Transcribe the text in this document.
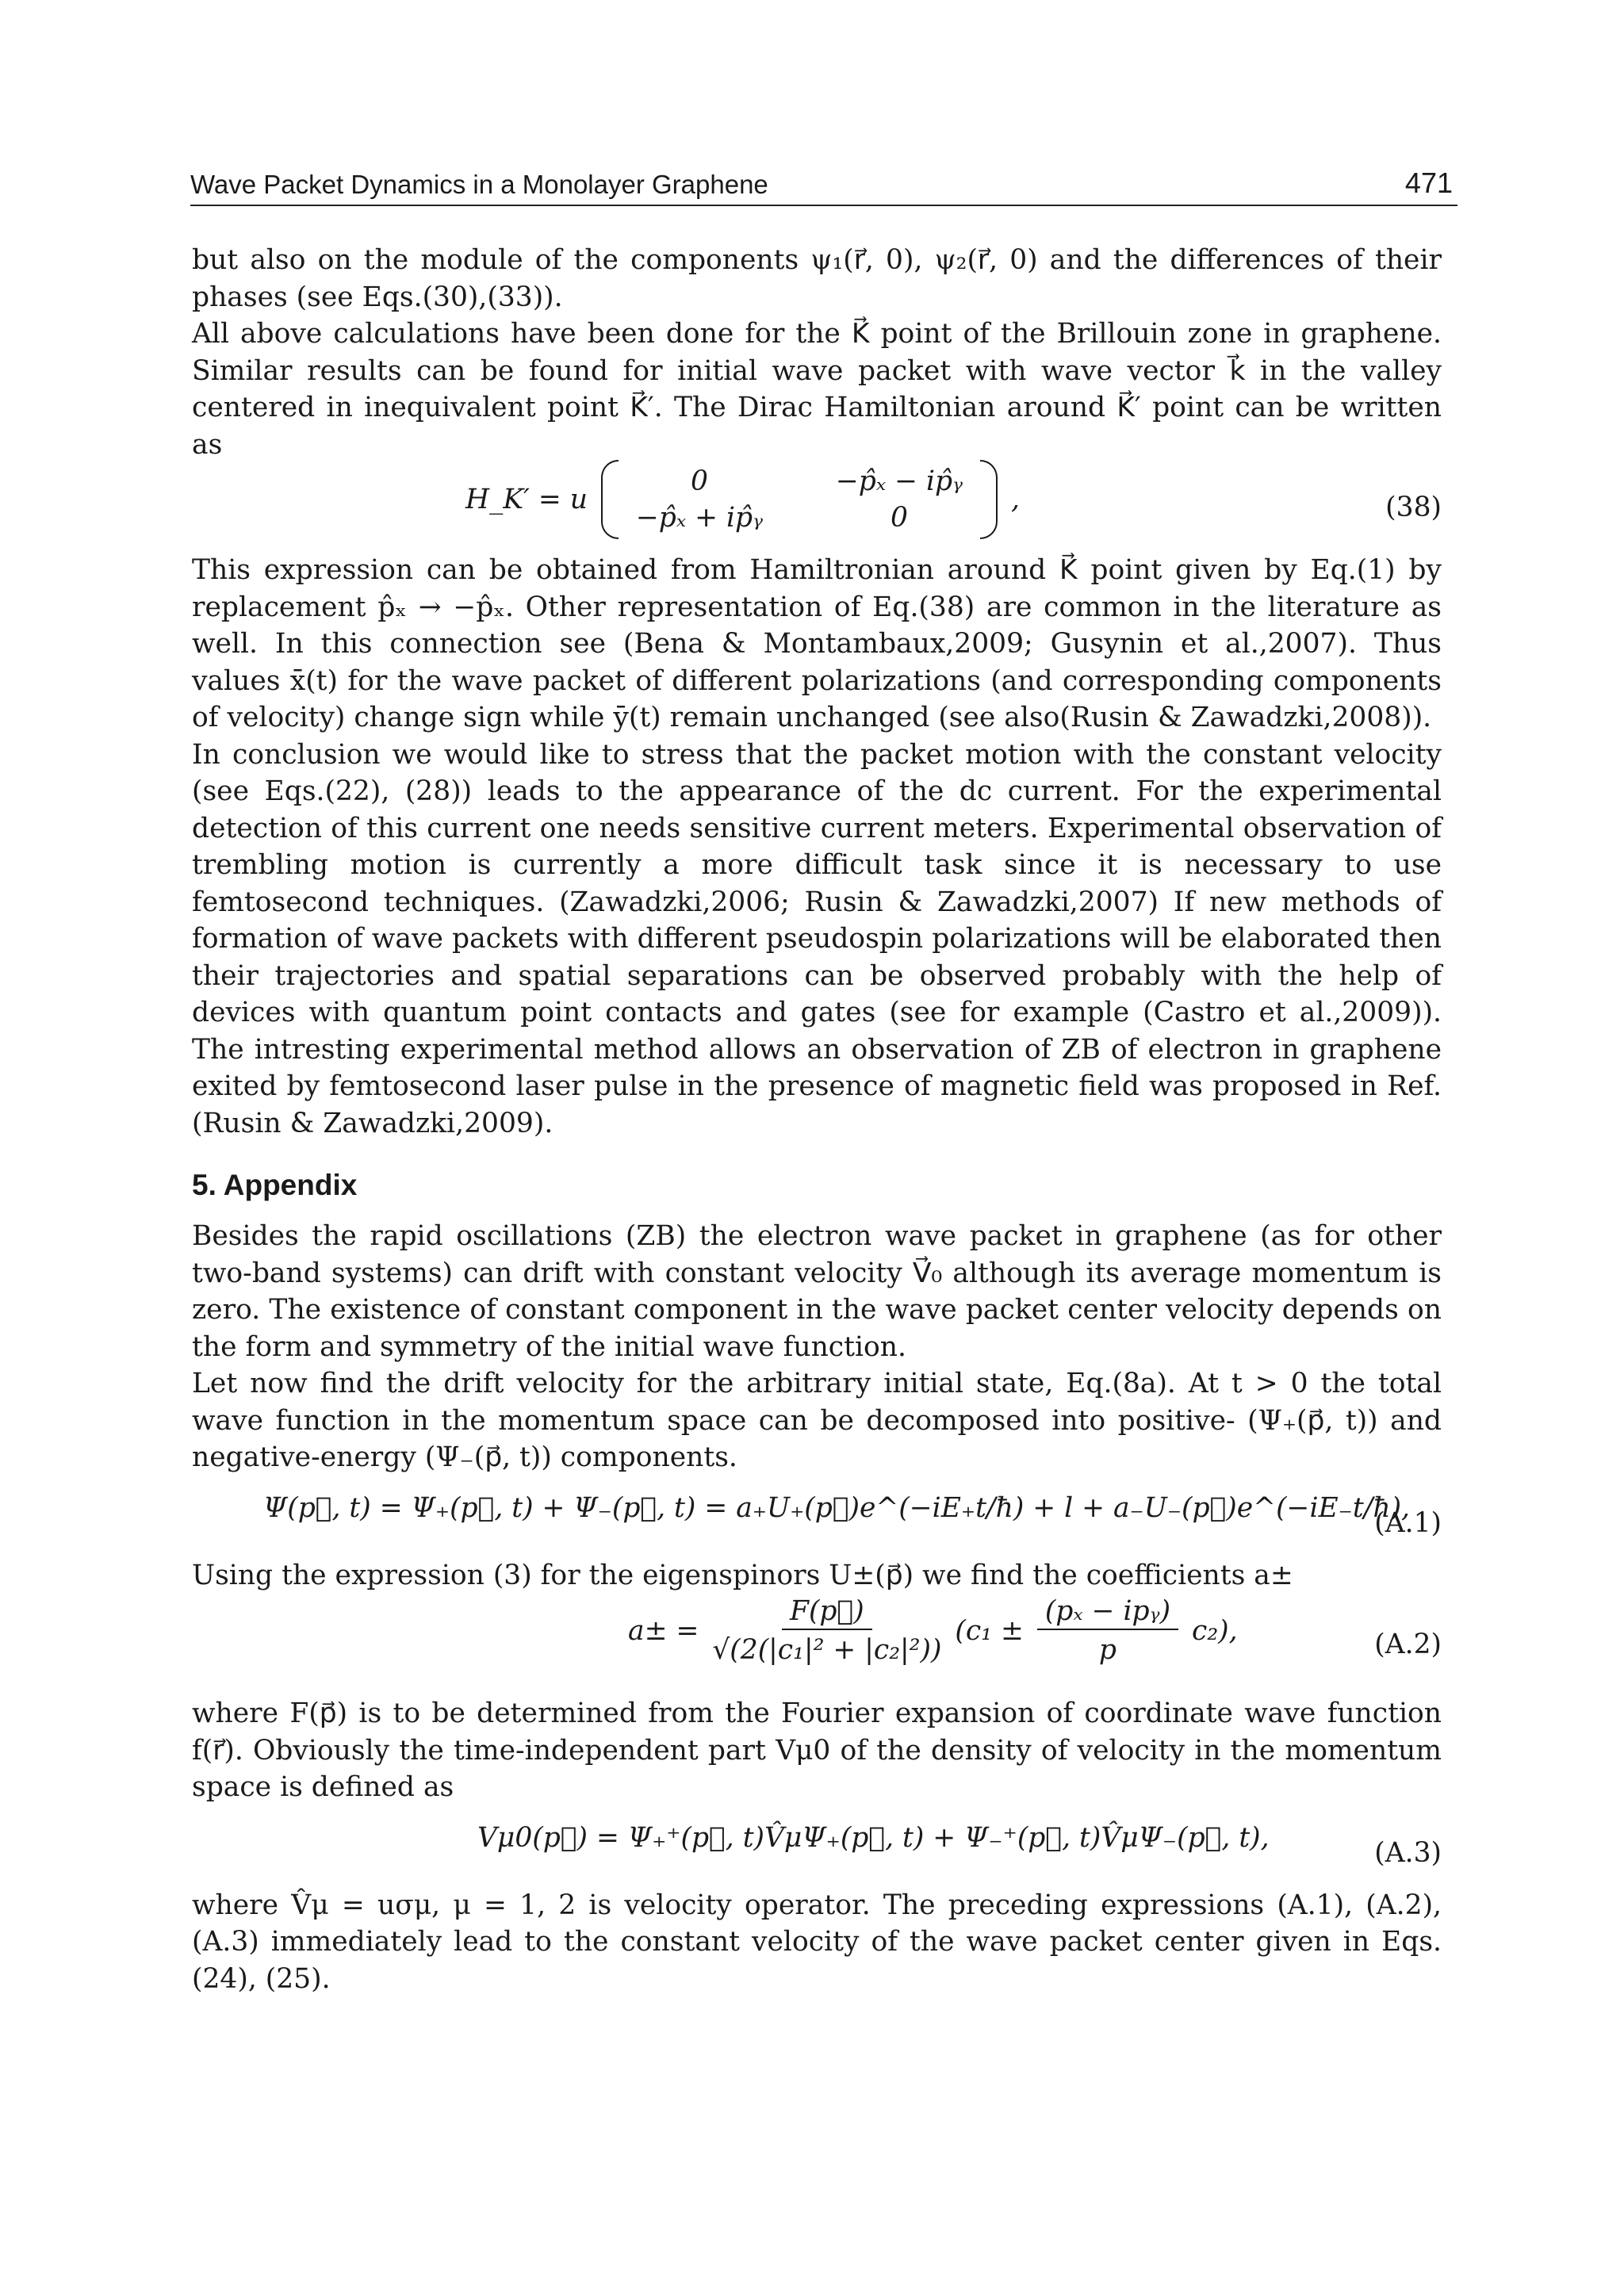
Wave Packet Dynamics in a Monolayer Graphene	471

but also on the module of the components ψ₁(r⃗, 0), ψ₂(r⃗, 0) and the differences of their phases (see Eqs.(30),(33)).

All above calculations have been done for the K⃗ point of the Brillouin zone in graphene. Similar results can be found for initial wave packet with wave vector k⃗ in the valley centered in inequivalent point K⃗′. The Dirac Hamiltonian around K⃗′ point can be written as

H_K′ = u
0	−p̂ₓ − ip̂ᵧ
−p̂ₓ + ip̂ᵧ	0
,	(38)

This expression can be obtained from Hamiltronian around K⃗ point given by Eq.(1) by replacement p̂ₓ → −p̂ₓ. Other representation of Eq.(38) are common in the literature as well. In this connection see (Bena & Montambaux,2009; Gusynin et al.,2007). Thus values x̄(t) for the wave packet of different polarizations (and corresponding components of velocity) change sign while ȳ(t) remain unchanged (see also(Rusin & Zawadzki,2008)).

In conclusion we would like to stress that the packet motion with the constant velocity (see Eqs.(22), (28)) leads to the appearance of the dc current. For the experimental detection of this current one needs sensitive current meters. Experimental observation of trembling motion is currently a more difficult task since it is necessary to use femtosecond techniques. (Zawadzki,2006; Rusin & Zawadzki,2007) If new methods of formation of wave packets with different pseudospin polarizations will be elaborated then their trajectories and spatial separations can be observed probably with the help of devices with quantum point contacts and gates (see for example (Castro et al.,2009)). The intresting experimental method allows an observation of ZB of electron in graphene exited by femtosecond laser pulse in the presence of magnetic field was proposed in Ref. (Rusin & Zawadzki,2009).

5. Appendix

Besides the rapid oscillations (ZB) the electron wave packet in graphene (as for other two-band systems) can drift with constant velocity V⃗₀ although its average momentum is zero. The existence of constant component in the wave packet center velocity depends on the form and symmetry of the initial wave function.

Let now find the drift velocity for the arbitrary initial state, Eq.(8a). At t > 0 the total wave function in the momentum space can be decomposed into positive- (Ψ₊(p⃗, t)) and negative-energy (Ψ₋(p⃗, t)) components.

Ψ(p⃗, t) = Ψ₊(p⃗, t) + Ψ₋(p⃗, t) = a₊U₊(p⃗)e^(−iE₊t/ħ) + l + a₋U₋(p⃗)e^(−iE₋t/ħ),
(A.1)

Using the expression (3) for the eigenspinors U±(p⃗) we find the coefficients a±

$a\pm = \frac{F(p⃗)}{\text{√(2(|c₁|² + |c₂|²))}} (c_1 \pm \frac{\text{(pₓ − ipᵧ)}}{p} c_2)$,	(A.2)

where F(p⃗) is to be determined from the Fourier expansion of coordinate wave function f(r⃗). Obviously the time-independent part Vμ0 of the density of velocity in the momentum space is defined as

Vμ0(p⃗) = Ψ₊⁺(p⃗, t)V̂μΨ₊(p⃗, t) + Ψ₋⁺(p⃗, t)V̂μΨ₋(p⃗, t),	(A.3)

where V̂μ = uσμ, μ = 1, 2 is velocity operator. The preceding expressions (A.1), (A.2), (A.3) immediately lead to the constant velocity of the wave packet center given in Eqs.(24), (25).
